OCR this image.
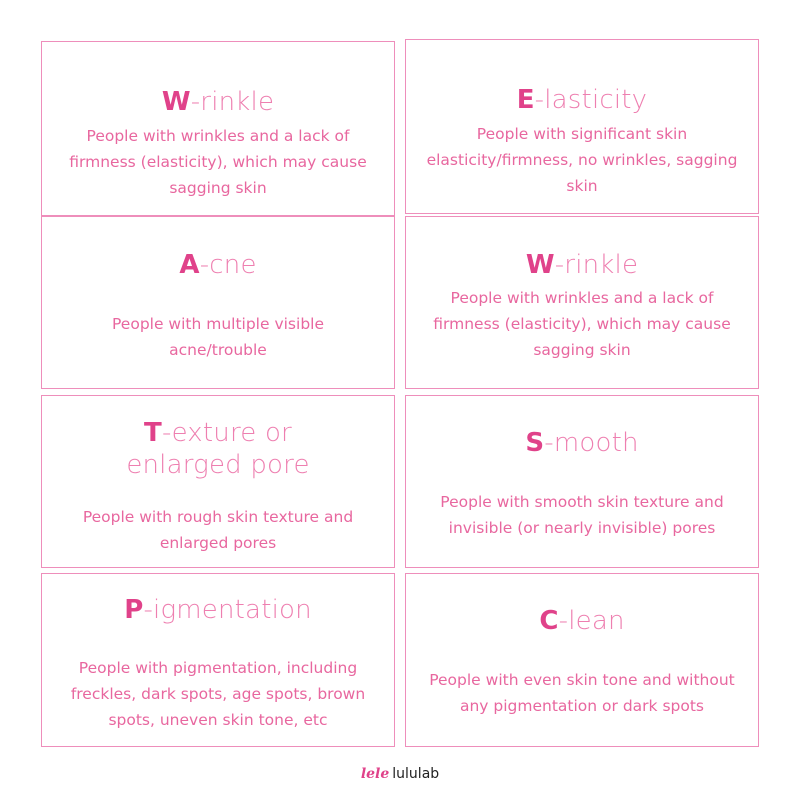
W-rinkle
People with wrinkles and a lack of firmness (elasticity), which may cause sagging skin
E-lasticity
People with significant skin elasticity/firmness, no wrinkles, sagging skin
A-cne
People with multiple visible acne/trouble
W-rinkle
People with wrinkles and a lack of firmness (elasticity), which may cause sagging skin
T-exture or enlarged pore
People with rough skin texture and enlarged pores
S-mooth
People with smooth skin texture and invisible (or nearly invisible) pores
P-igmentation
People with pigmentation, including freckles, dark spots, age spots, brown spots, uneven skin tone, etc
C-lean
People with even skin tone and without any pigmentation or dark spots
lele lululab
